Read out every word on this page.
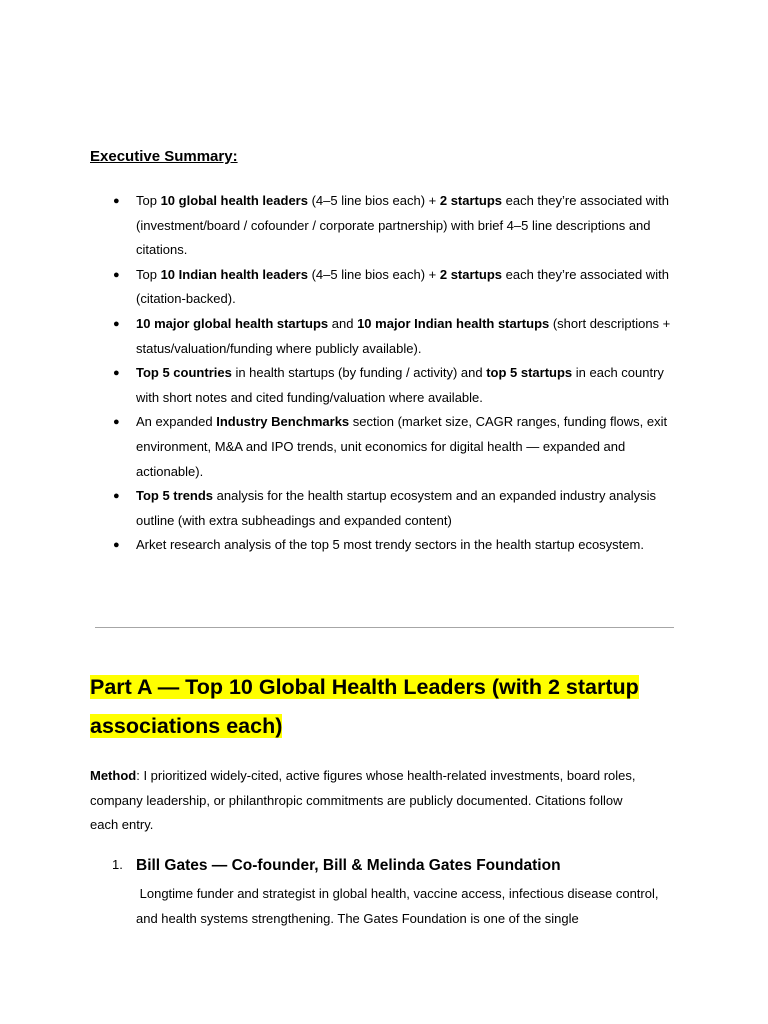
Executive Summary:
● Top 10 global health leaders (4–5 line bios each) + 2 startups each they’re associated with (investment/board / cofounder / corporate partnership) with brief 4–5 line descriptions and citations.
● Top 10 Indian health leaders (4–5 line bios each) + 2 startups each they’re associated with (citation-backed).
● 10 major global health startups and 10 major Indian health startups (short descriptions + status/valuation/funding where publicly available).
● Top 5 countries in health startups (by funding / activity) and top 5 startups in each country with short notes and cited funding/valuation where available.
● An expanded Industry Benchmarks section (market size, CAGR ranges, funding flows, exit environment, M&A and IPO trends, unit economics for digital health — expanded and actionable).
● Top 5 trends analysis for the health startup ecosystem and an expanded industry analysis outline (with extra subheadings and expanded content)
● Arket research analysis of the top 5 most trendy sectors in the health startup ecosystem.
Part A — Top 10 Global Health Leaders (with 2 startup associations each)

Method: I prioritized widely-cited, active figures whose health-related investments, board roles, company leadership, or philanthropic commitments are publicly documented. Citations follow each entry.

1. Bill Gates — Co-founder, Bill & Melinda Gates Foundation

Longtime funder and strategist in global health, vaccine access, infectious disease control, and health systems strengthening. The Gates Foundation is one of the single
